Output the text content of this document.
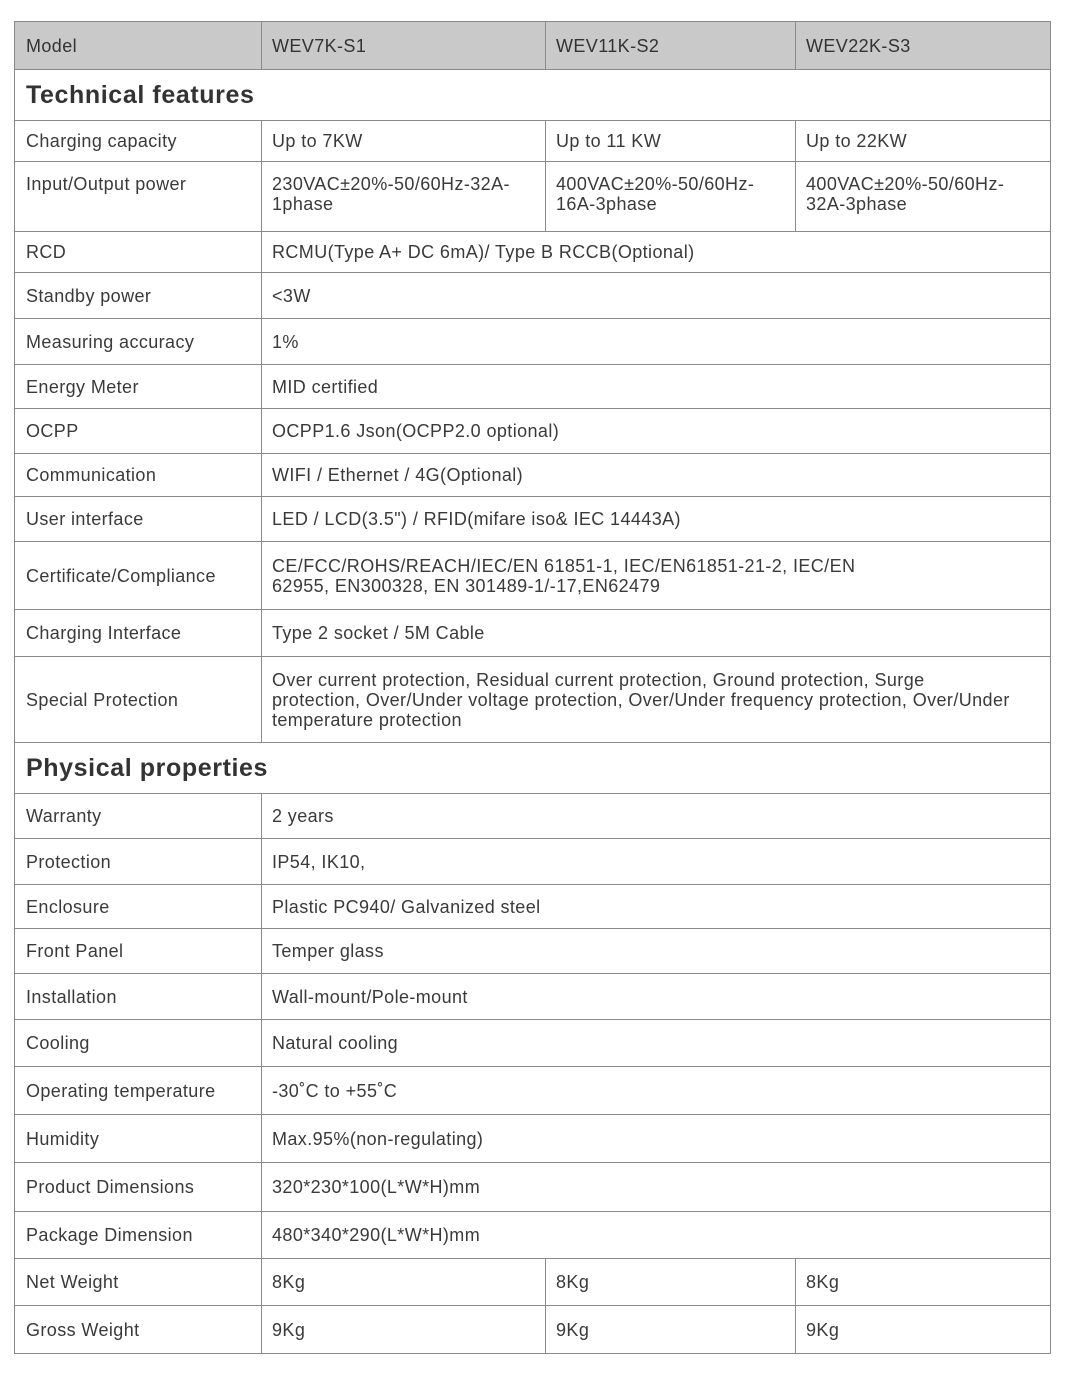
Model	WEV7K-S1	WEV11K-S2	WEV22K-S3
Technical features			
Charging capacity	Up to 7KW	Up to 11 KW	Up to 22KW
Input/Output power	230VAC±20%-50/60Hz-32A-1phase	400VAC±20%-50/60Hz-16A-3phase	400VAC±20%-50/60Hz-32A-3phase
RCD	RCMU(Type A+ DC 6mA)/ Type B RCCB(Optional)		
Standby power	<3W		
Measuring accuracy	1%		
Energy Meter	MID certified		
OCPP	OCPP1.6 Json(OCPP2.0 optional)		
Communication	WIFI / Ethernet / 4G(Optional)		
User interface	LED / LCD(3.5") / RFID(mifare iso& IEC 14443A)		
Certificate/Compliance	CE/FCC/ROHS/REACH/IEC/EN 61851-1, IEC/EN61851-21-2, IEC/EN 62955, EN300328, EN 301489-1/-17,EN62479		
Charging Interface	Type 2 socket / 5M Cable		
Special Protection	Over current protection, Residual current protection, Ground protection, Surge protection, Over/Under voltage protection, Over/Under frequency protection, Over/Under temperature protection		
Physical properties			
Warranty	2 years		
Protection	IP54, IK10,		
Enclosure	Plastic PC940/ Galvanized steel		
Front Panel	Temper glass		
Installation	Wall-mount/Pole-mount		
Cooling	Natural cooling		
Operating temperature	-30˚C to +55˚C		
Humidity	Max.95%(non-regulating)		
Product Dimensions	320*230*100(L*W*H)mm		
Package Dimension	480*340*290(L*W*H)mm		
Net Weight	8Kg	8Kg	8Kg
Gross Weight	9Kg	9Kg	9Kg
